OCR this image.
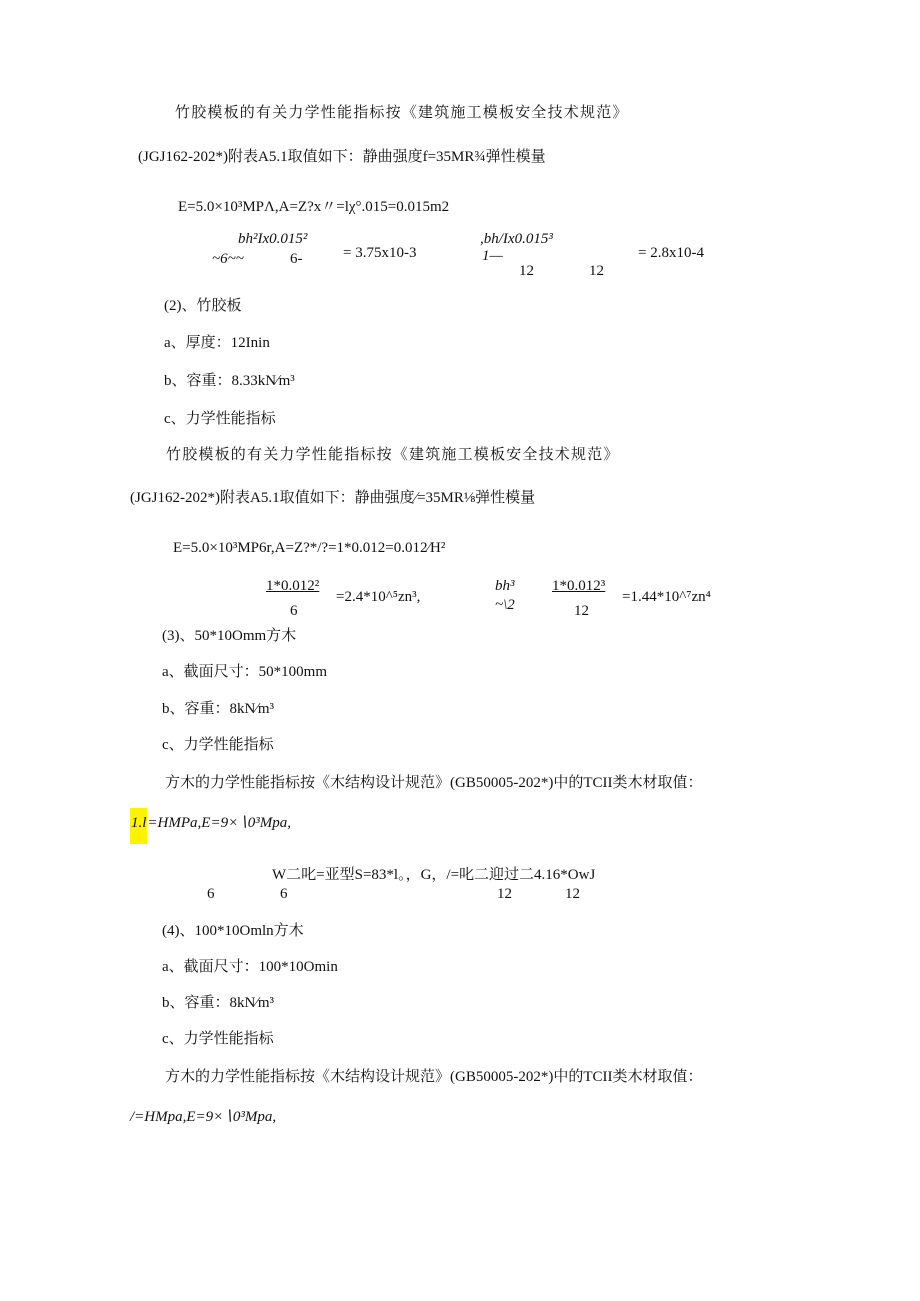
竹胶模板的有关力学性能指标按《建筑施工模板安全技术规范》
(JGJ162-202*)附表A5.1取值如下：静曲强度f=35MR¾弹性模量
E=5.0×10³MPΛ,A=Z?x〃=lχ°.015=0.015m2
bh²Ix0.015²
~6~~	6-	= 3.75x10-3
,bh/Ix0.015³
1—
12	12
= 2.8x10-4
(2)、竹胶板
a、厚度：12Inin
b、容重：8.33kN∕m³
c、力学性能指标
竹胶模板的有关力学性能指标按《建筑施工模板安全技术规范》
(JGJ162-202*)附表A5.1取值如下：静曲强度∕=35MR⅛弹性模量
E=5.0×10³MP6r,A=Z?*/?=1*0.012=0.012∕H²
1*0.012²
6
=2.4*10^⁵zn³,
bh³
~\2
1*0.012³
12
=1.44*10^⁷zn⁴
(3)、50*10Omm方木
a、截面尺寸：50*100mm
b、容重：8kN∕m³
c、力学性能指标
方木的力学性能指标按《木结构设计规范》(GB50005-202*)中的TCII类木材取值：
1.l=HMPa,E=9×∖0³Mpa,
W二叱=亚型S=83*l。，G，/=叱二迎过二4.16*OwJ
6	6	12	12
(4)、100*10Omln方木
a、截面尺寸：100*10Omin
b、容重：8kN∕m³
c、力学性能指标
方木的力学性能指标按《木结构设计规范》(GB50005-202*)中的TCII类木材取值：
/=HMpa,E=9×∖0³Mpa,
